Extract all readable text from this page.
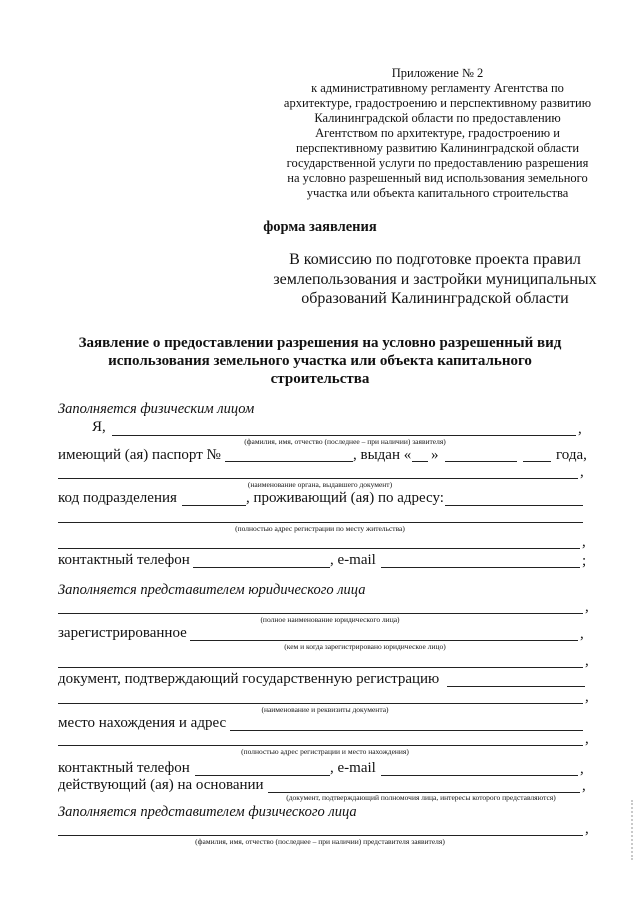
Приложение № 2
к административному регламенту Агентства по
архитектуре, градостроению и перспективному развитию
Калининградской области по предоставлению
Агентством по архитектуре, градостроению и
перспективному развитию Калининградской области
государственной услуги по предоставлению разрешения
на условно разрешенный вид использования земельного
участка или объекта капитального строительства
форма заявления
В комиссию по подготовке проекта правил
землепользования и застройки муниципальных
образований Калининградской области
Заявление о предоставлении разрешения на условно разрешенный вид
использования земельного участка или объекта капитального
строительства
Заполняется физическим лицом
Я,	,
(фамилия, имя, отчество (последнее – при наличии) заявителя)
имеющий (ая) паспорт №	, выдан « »	года,
,
(наименование органа, выдавшего документ)
код подразделения	, проживающий (ая) по адресу:
(полностью адрес регистрации по месту жительства)
,
контактный телефон	, e-mail	;
Заполняется представителем юридического лица
,
(полное наименование юридического лица)
зарегистрированное	,
(кем и когда зарегистрировано юридическое лицо)
,
документ, подтверждающий государственную регистрацию
,
(наименование и реквизиты документа)
место нахождения и адрес
,
(полностью адрес регистрации и место нахождения)
контактный телефон	, e-mail	,
действующий (ая) на основании	,
(документ, подтверждающий полномочия лица, интересы которого представляются)
Заполняется представителем физического лица
,
(фамилия, имя, отчество (последнее – при наличии) представителя заявителя)
